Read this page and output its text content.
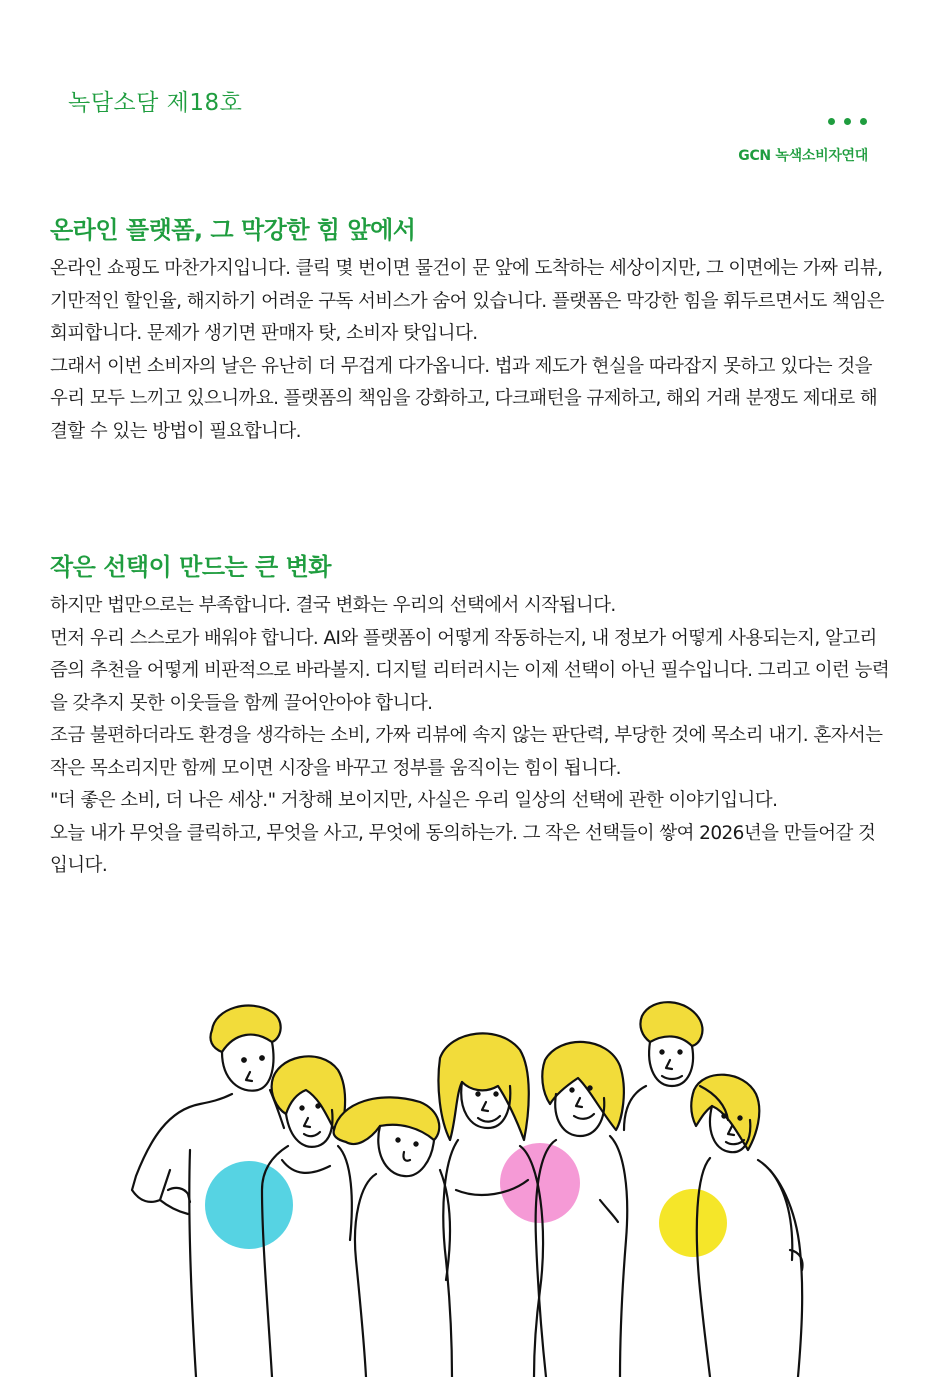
녹담소담 제18호
GCN 녹색소비자연대
온라인 플랫폼, 그 막강한 힘 앞에서

온라인 쇼핑도 마찬가지입니다. 클릭 몇 번이면 물건이 문 앞에 도착하는 세상이지만, 그 이면에는 가짜 리뷰, 기만적인 할인율, 해지하기 어려운 구독 서비스가 숨어 있습니다. 플랫폼은 막강한 힘을 휘두르면서도 책임은 회피합니다. 문제가 생기면 판매자 탓, 소비자 탓입니다.

그래서 이번 소비자의 날은 유난히 더 무겁게 다가옵니다. 법과 제도가 현실을 따라잡지 못하고 있다는 것을 우리 모두 느끼고 있으니까요. 플랫폼의 책임을 강화하고, 다크패턴을 규제하고, 해외 거래 분쟁도 제대로 해결할 수 있는 방법이 필요합니다.

작은 선택이 만드는 큰 변화

하지만 법만으로는 부족합니다. 결국 변화는 우리의 선택에서 시작됩니다.

먼저 우리 스스로가 배워야 합니다. AI와 플랫폼이 어떻게 작동하는지, 내 정보가 어떻게 사용되는지, 알고리즘의 추천을 어떻게 비판적으로 바라볼지. 디지털 리터러시는 이제 선택이 아닌 필수입니다. 그리고 이런 능력을 갖추지 못한 이웃들을 함께 끌어안아야 합니다.

조금 불편하더라도 환경을 생각하는 소비, 가짜 리뷰에 속지 않는 판단력, 부당한 것에 목소리 내기. 혼자서는 작은 목소리지만 함께 모이면 시장을 바꾸고 정부를 움직이는 힘이 됩니다.

"더 좋은 소비, 더 나은 세상." 거창해 보이지만, 사실은 우리 일상의 선택에 관한 이야기입니다.

오늘 내가 무엇을 클릭하고, 무엇을 사고, 무엇에 동의하는가. 그 작은 선택들이 쌓여 2026년을 만들어갈 것입니다.
